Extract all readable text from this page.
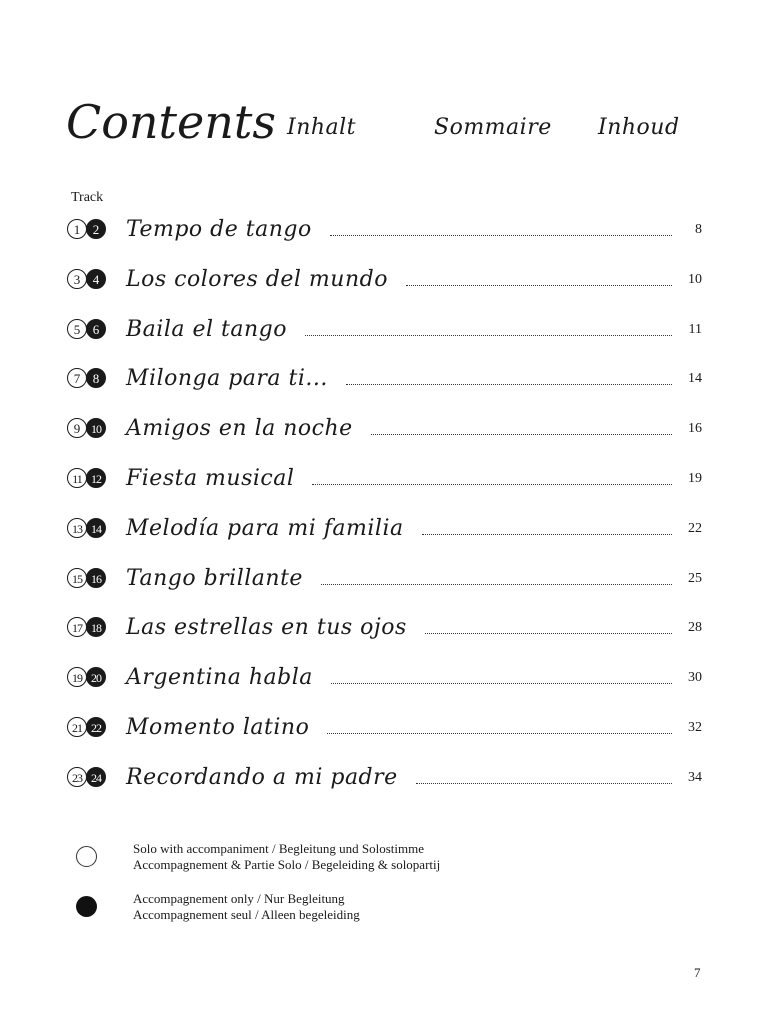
Contents Inhalt	Sommaire Inhoud
Track
1 2	Tempo de tango	8
3 4	Los colores del mundo	10
5 6	Baila el tango	11
7 8	Milonga para ti...	14
9 10 Amigos en la noche	16
11 12 Fiesta musical	19
13 14 Melodía para mi familia	22
15 16 Tango brillante	25
17 18 Las estrellas en tus ojos	28
19 20 Argentina habla	30
21 22 Momento latino	32
23 24 Recordando a mi padre	34
Solo with accompaniment / Begleitung und Solostimme
Accompagnement & Partie Solo / Begeleiding & solopartij
Accompagnement only / Nur Begleitung
Accompagnement seul / Alleen begeleiding
7
